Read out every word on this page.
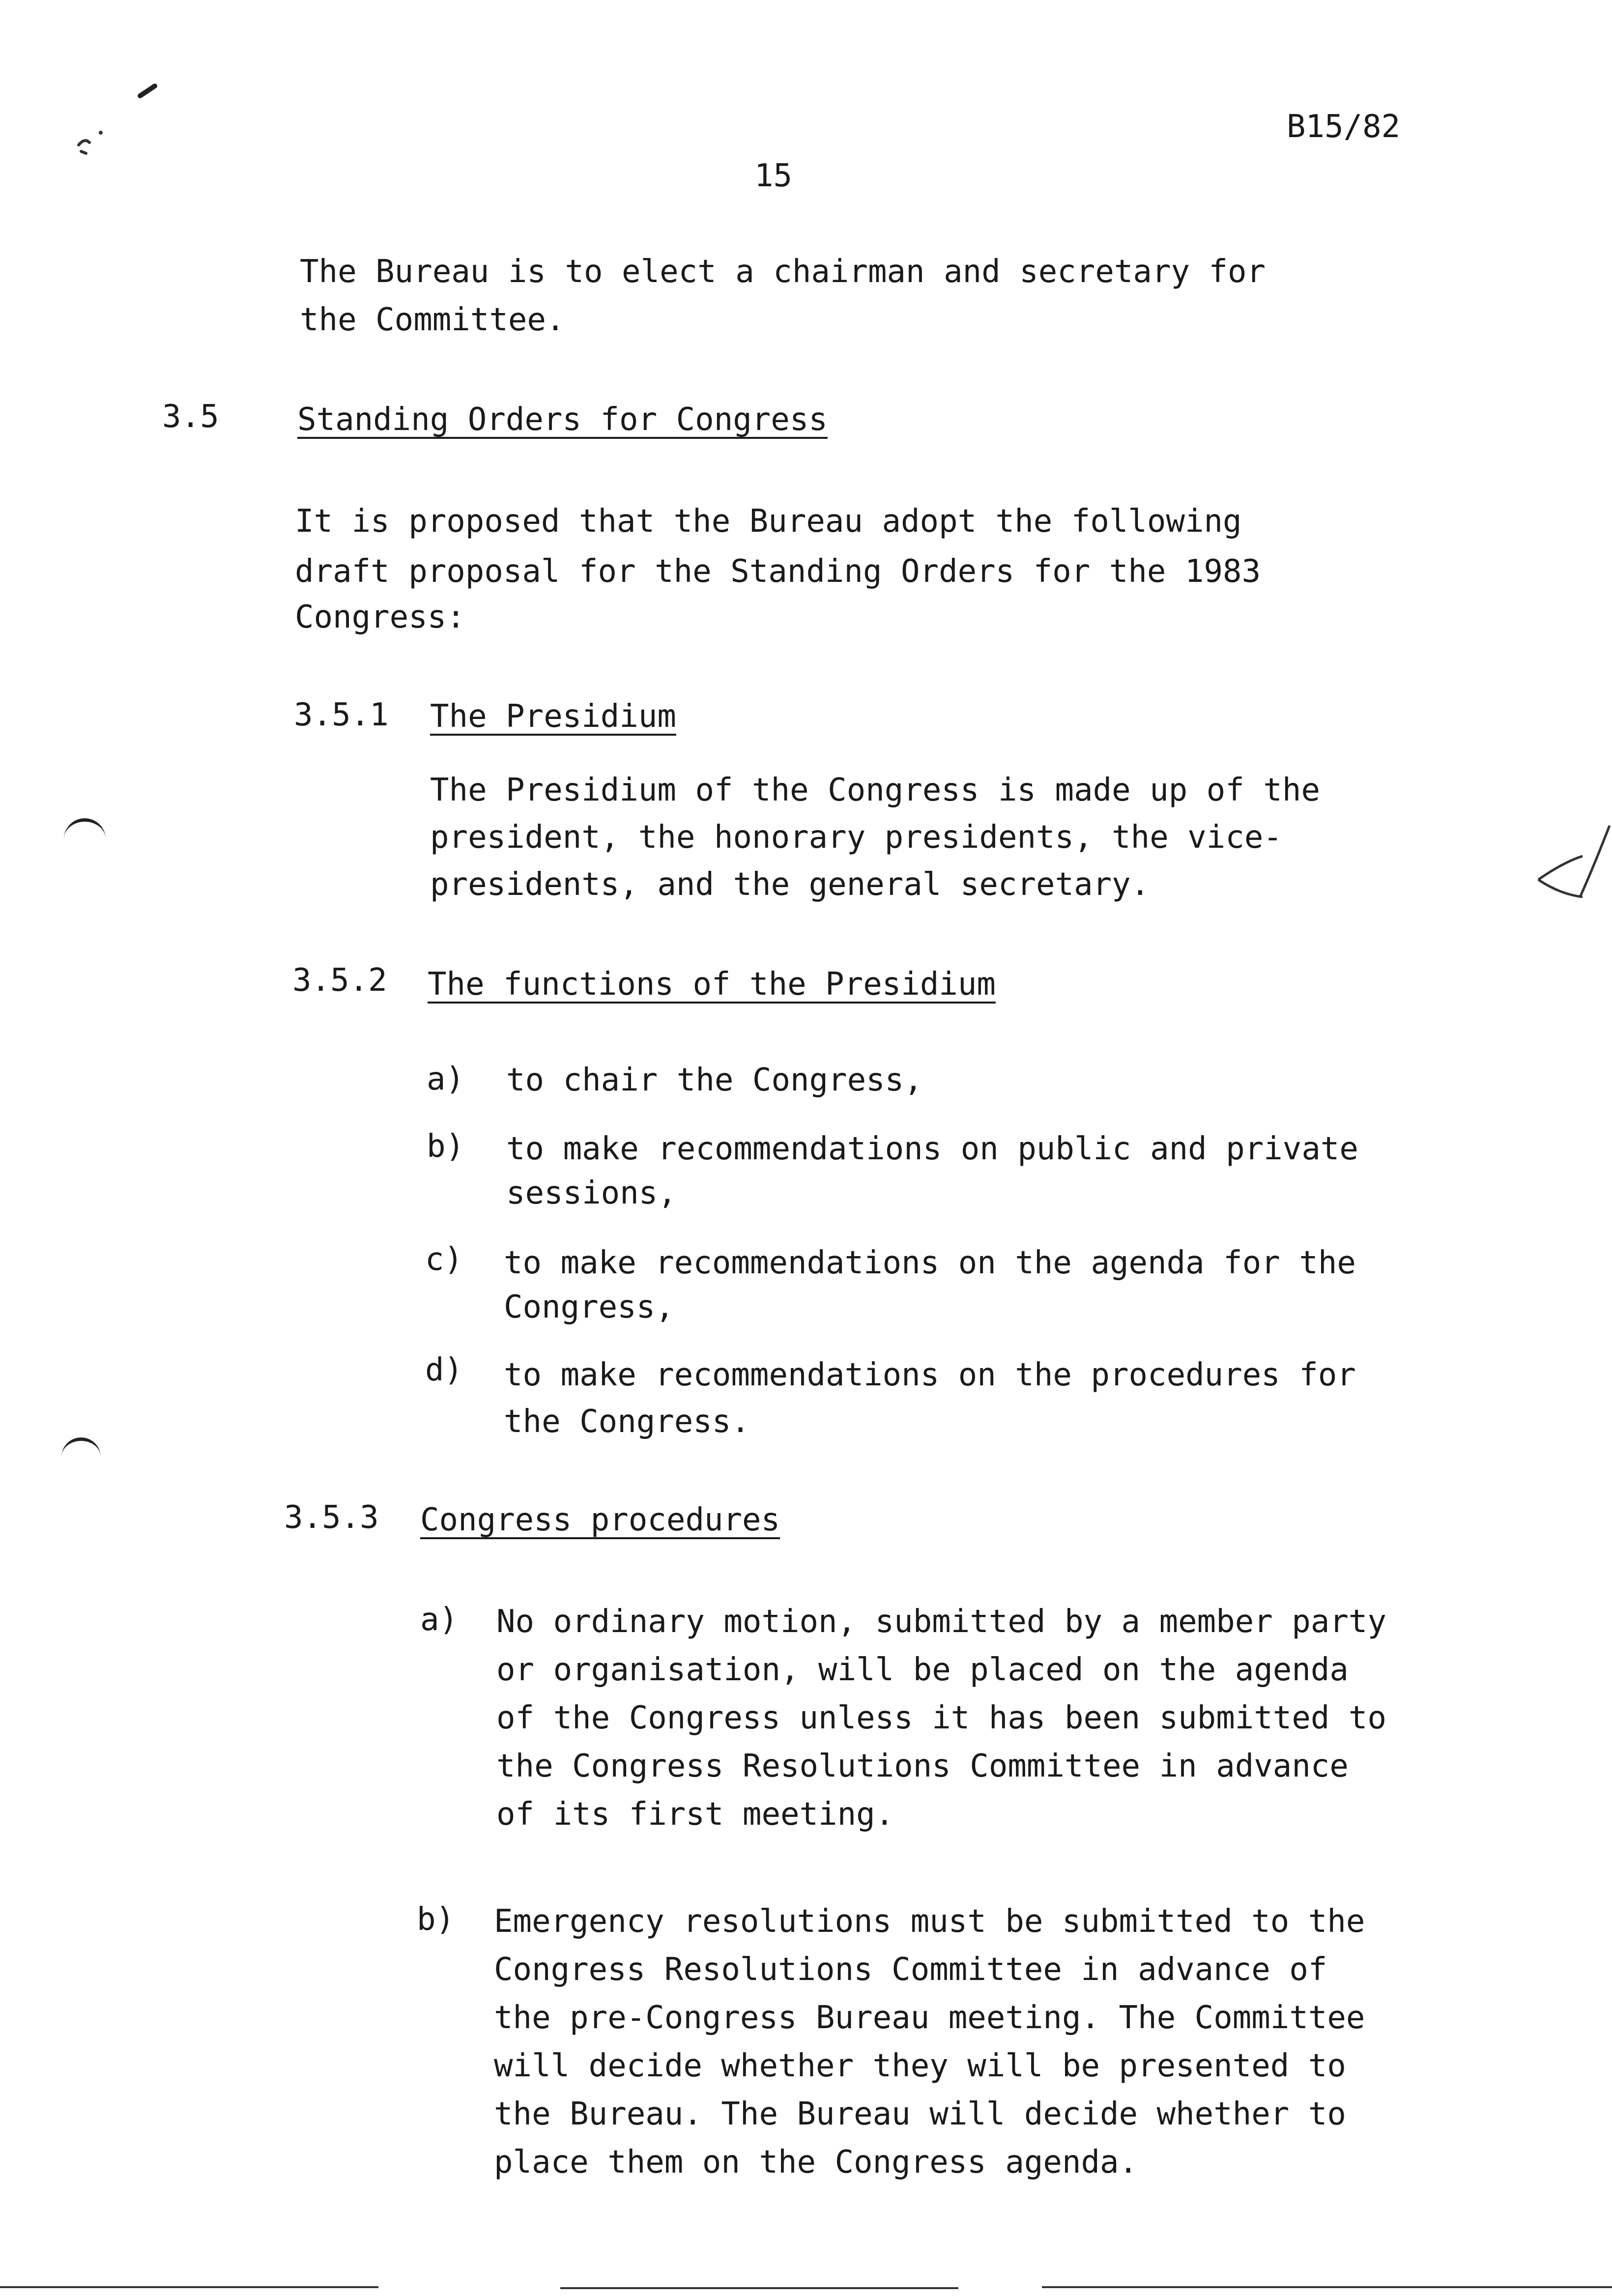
B15/82
15
The Bureau is to elect a chairman and secretary for
the Committee.
3.5 Standing Orders for Congress
It is proposed that the Bureau adopt the following
draft proposal for the Standing Orders for the 1983
Congress:
3.5.1 The Presidium
The Presidium of the Congress is made up of the
president, the honorary presidents, the vice-
presidents, and the general secretary.
3.5.2 The functions of the Presidium
a) to chair the Congress,
b) to make recommendations on public and private
sessions,
c) to make recommendations on the agenda for the
Congress,
d) to make recommendations on the procedures for
the Congress.
3.5.3 Congress procedures
a) No ordinary motion, submitted by a member party
or organisation, will be placed on the agenda
of the Congress unless it has been submitted to
the Congress Resolutions Committee in advance
of its first meeting.
b) Emergency resolutions must be submitted to the
Congress Resolutions Committee in advance of
the pre-Congress Bureau meeting. The Committee
will decide whether they will be presented to
the Bureau. The Bureau will decide whether to
place them on the Congress agenda.
